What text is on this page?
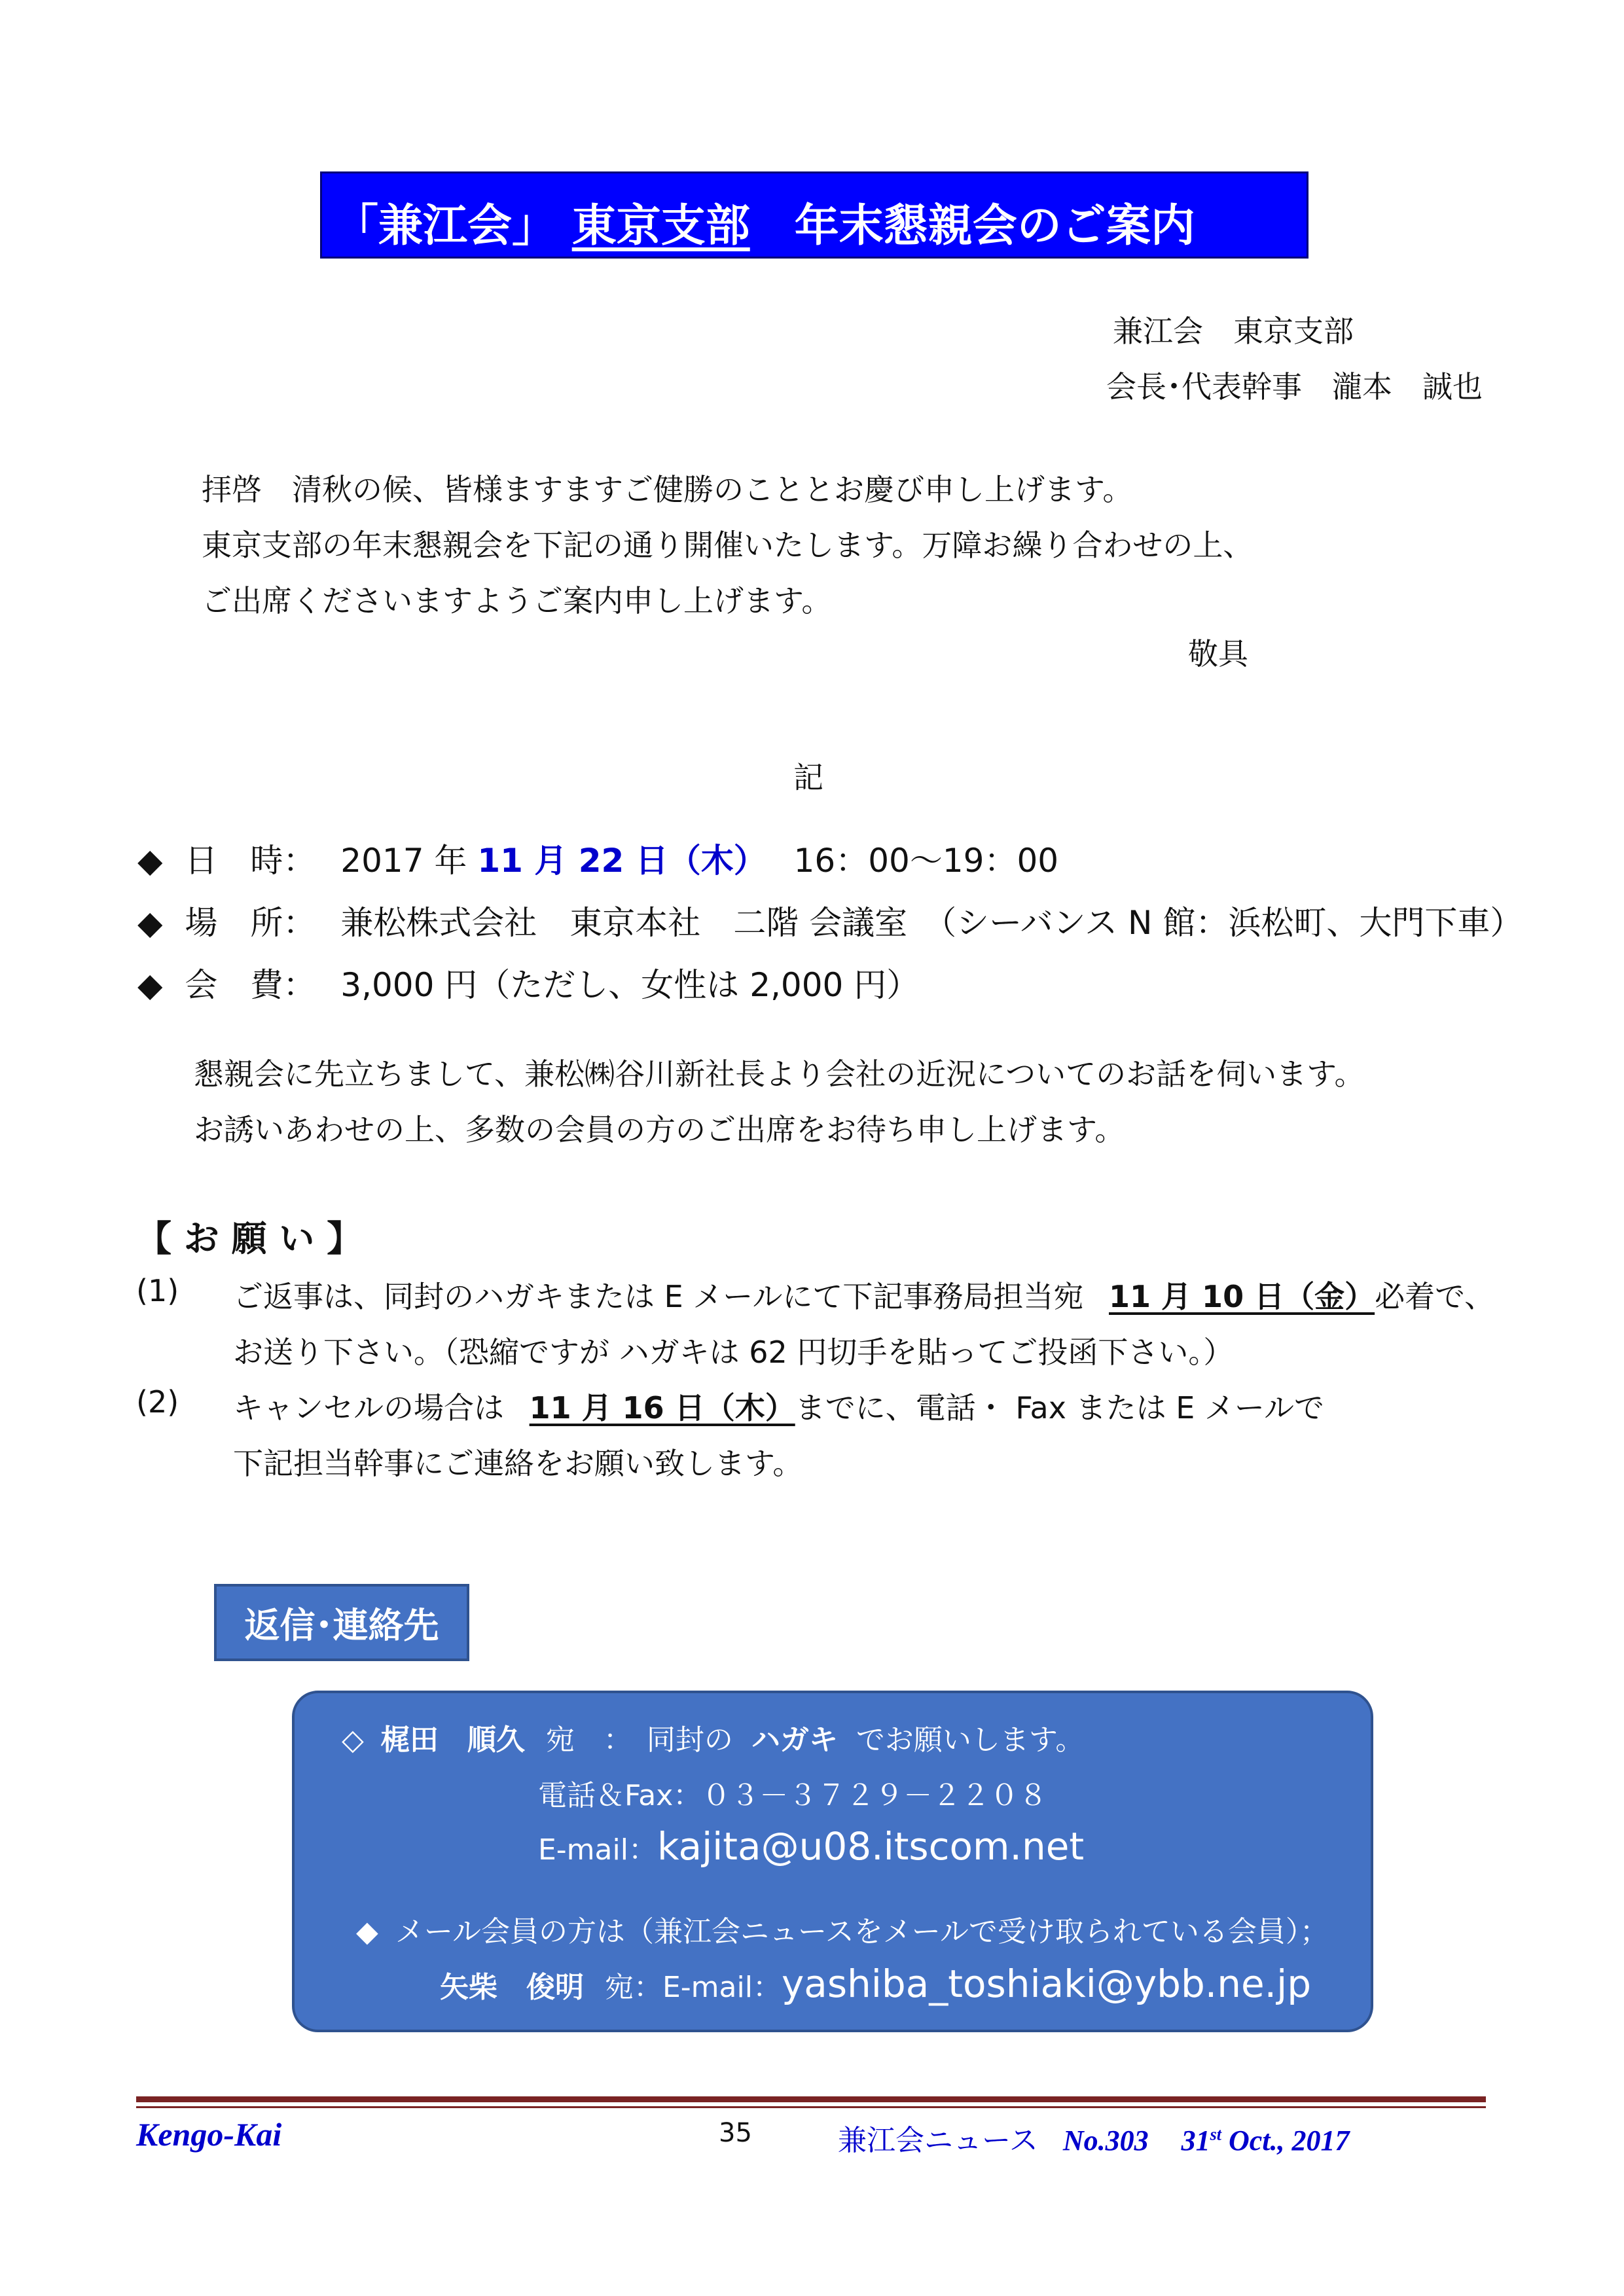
「兼江会」 東京支部　 年末懇親会のご案内
兼江会　東京支部
会長･代表幹事　瀧本　誠也
拝啓　清秋の候、皆様ますますご健勝のこととお慶び申し上げます。
東京支部の年末懇親会を下記の通り開催いたします。万障お繰り合わせの上、
ご出席くださいますようご案内申し上げます。
敬具
記
◆ 日　時： 2017 年 11 月 22 日（木） 16：00～19：00
◆ 場　所： 兼松株式会社　東京本社　二階 会議室　（シーバンス N 館：浜松町、大門下車）
◆ 会　費： 3,000 円（ただし、女性は 2,000 円）
懇親会に先立ちまして、兼松㈱谷川新社長より会社の近況についてのお話を伺います。
お誘いあわせの上、多数の会員の方のご出席をお待ち申し上げます。
【 お 願 い 】
(1) ご返事は、同封のハガキまたは E メールにて下記事務局担当宛 11 月 10 日（金）必着で、
お送り下さい。（恐縮ですが ハガキは 62 円切手を貼ってご投函下さい。）
(2) キャンセルの場合は 11 月 16 日（木）までに、電話・ Fax または E メールで
下記担当幹事にご連絡をお願い致します。
返信･連絡先
◇ 梶田　順久 宛　：　同封の ハガキ でお願いします。
電話＆Fax：０３－３７２９－２２０８
E-mail：kajita@u08.itscom.net
◆ メール会員の方は（兼江会ニュースをメールで受け取られている会員）；
矢柴　俊明 宛：E-mail：yashiba_toshiaki@ybb.ne.jp
Kengo-Kai	35	兼江会ニュース No.303 31st Oct., 2017
